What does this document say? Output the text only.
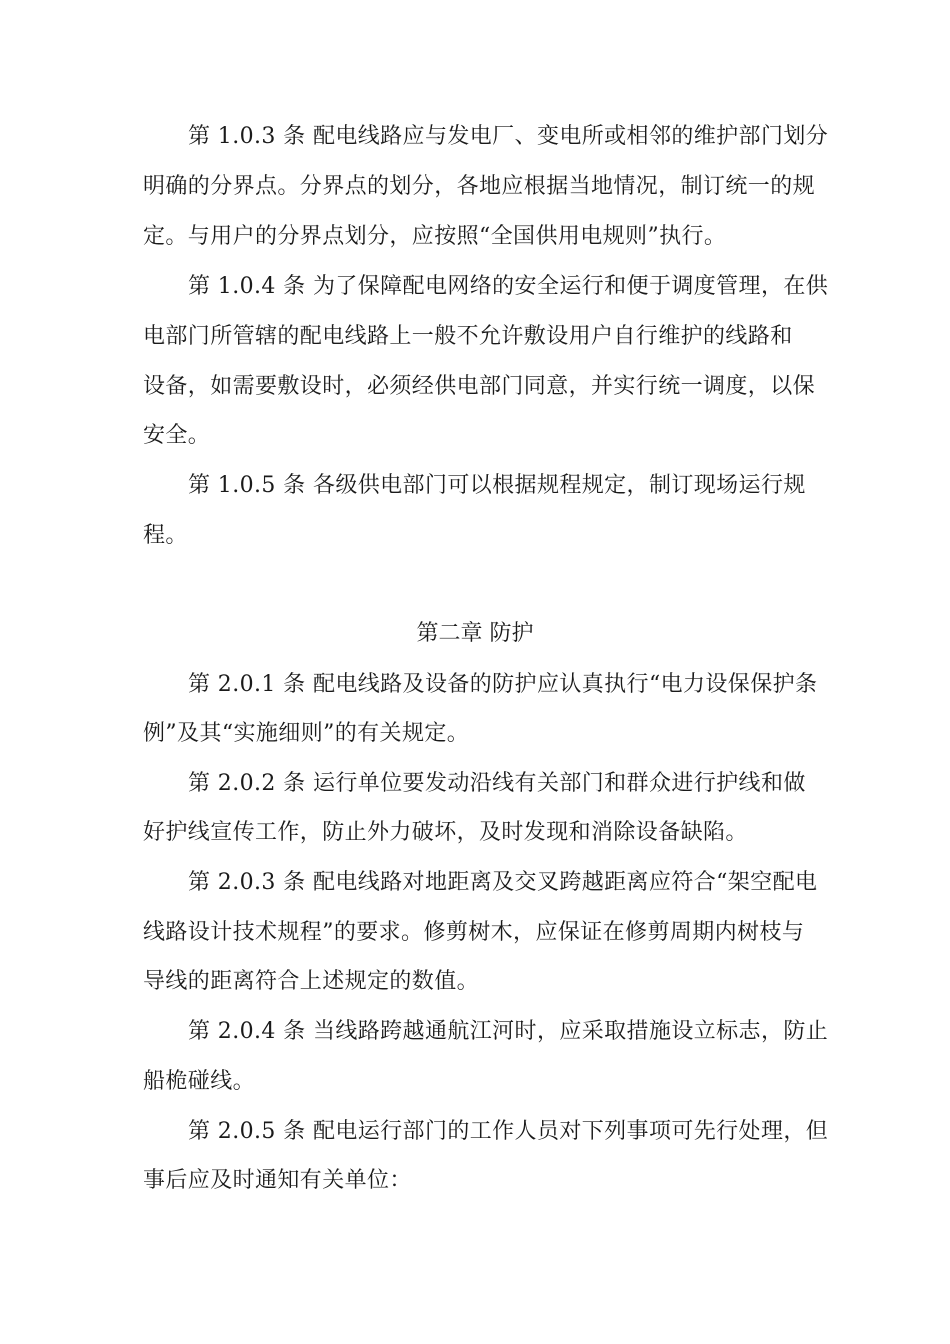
第 1.0.3 条 配电线路应与发电厂、变电所或相邻的维护部门划分
明确的分界点。分界点的划分，各地应根据当地情况，制订统一的规
定。与用户的分界点划分，应按照“全国供用电规则”执行。
第 1.0.4 条 为了保障配电网络的安全运行和便于调度管理，在供
电部门所管辖的配电线路上一般不允许敷设用户自行维护的线路和
设备，如需要敷设时，必须经供电部门同意，并实行统一调度，以保
安全。
第 1.0.5 条 各级供电部门可以根据规程规定，制订现场运行规
程。
第二章 防护
第 2.0.1 条 配电线路及设备的防护应认真执行“电力设保保护条
例”及其“实施细则”的有关规定。
第 2.0.2 条 运行单位要发动沿线有关部门和群众进行护线和做
好护线宣传工作，防止外力破坏，及时发现和消除设备缺陷。
第 2.0.3 条 配电线路对地距离及交叉跨越距离应符合“架空配电
线路设计技术规程”的要求。修剪树木，应保证在修剪周期内树枝与
导线的距离符合上述规定的数值。
第 2.0.4 条 当线路跨越通航江河时，应采取措施设立标志，防止
船桅碰线。
第 2.0.5 条 配电运行部门的工作人员对下列事项可先行处理，但
事后应及时通知有关单位：
